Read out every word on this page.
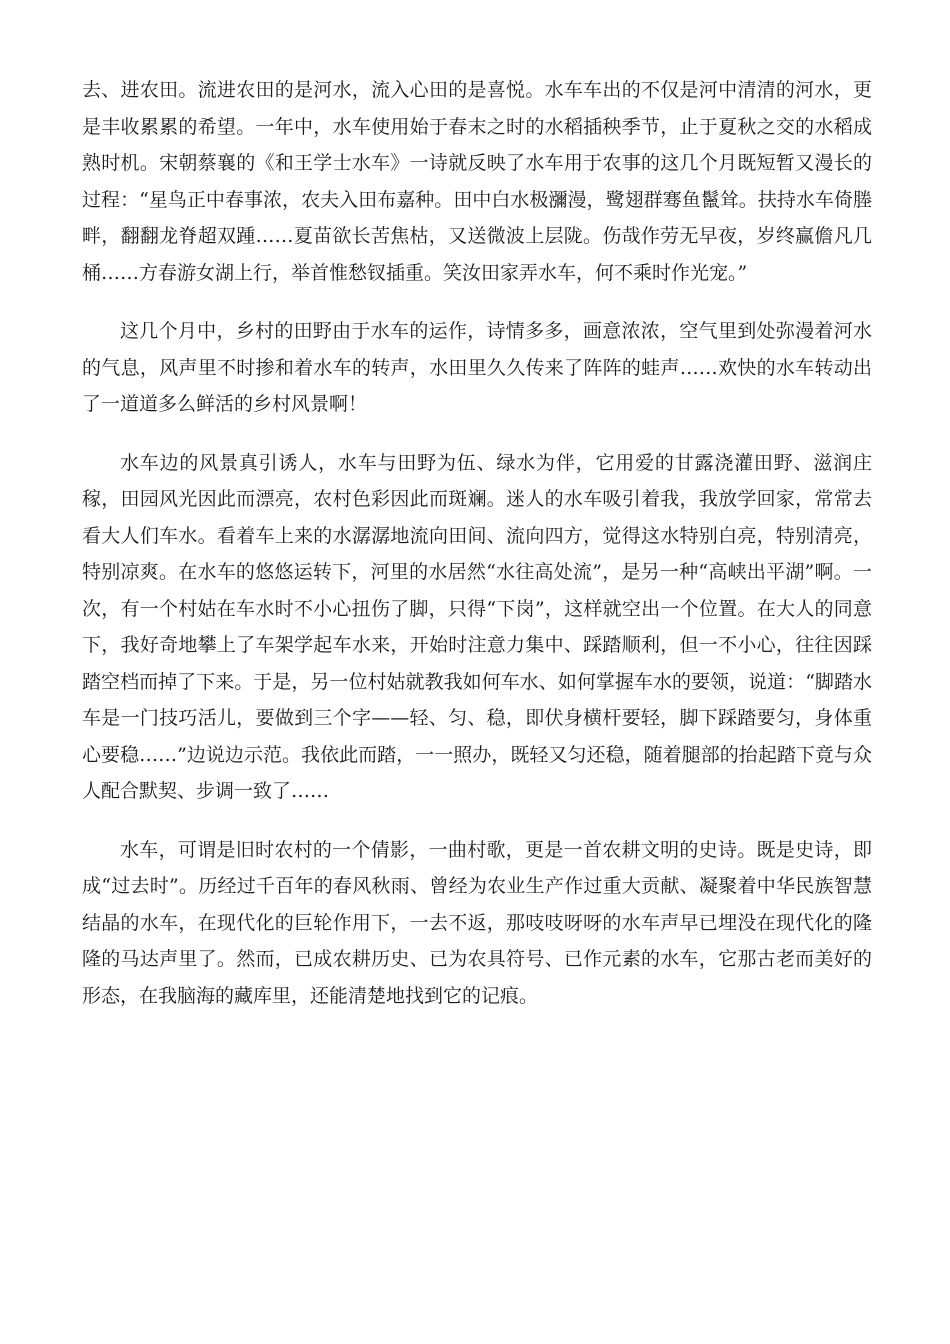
去、进农田。流进农田的是河水，流入心田的是喜悦。水车车出的不仅是河中清清的河水，更是丰收累累的希望。一年中，水车使用始于春末之时的水稻插秧季节，止于夏秋之交的水稻成熟时机。宋朝蔡襄的《和王学士水车》一诗就反映了水车用于农事的这几个月既短暂又漫长的过程：“星鸟正中春事浓，农夫入田布嘉种。田中白水极瀰漫，鹭翅群骞鱼鬣耸。扶持水车倚塍畔，翻翻龙脊超双踵……夏苗欲长苦焦枯，又送微波上层陇。伤哉作劳无早夜，岁终赢儋凡几桶……方春游女湖上行，举首惟愁钗插重。笑汝田家弄水车，何不乘时作光宠。”

这几个月中，乡村的田野由于水车的运作，诗情多多，画意浓浓，空气里到处弥漫着河水的气息，风声里不时掺和着水车的转声，水田里久久传来了阵阵的蛙声……欢快的水车转动出了一道道多么鲜活的乡村风景啊！

水车边的风景真引诱人，水车与田野为伍、绿水为伴，它用爱的甘露浇灌田野、滋润庄稼，田园风光因此而漂亮，农村色彩因此而斑斓。迷人的水车吸引着我，我放学回家，常常去看大人们车水。看着车上来的水潺潺地流向田间、流向四方，觉得这水特别白亮，特别清亮，特别凉爽。在水车的悠悠运转下，河里的水居然“水往高处流”，是另一种“高峡出平湖”啊。一次，有一个村姑在车水时不小心扭伤了脚，只得“下岗”，这样就空出一个位置。在大人的同意下，我好奇地攀上了车架学起车水来，开始时注意力集中、踩踏顺利，但一不小心，往往因踩踏空档而掉了下来。于是，另一位村姑就教我如何车水、如何掌握车水的要领，说道：“脚踏水车是一门技巧活儿，要做到三个字——轻、匀、稳，即伏身横杆要轻，脚下踩踏要匀，身体重心要稳……”边说边示范。我依此而踏，一一照办，既轻又匀还稳，随着腿部的抬起踏下竟与众人配合默契、步调一致了……

水车，可谓是旧时农村的一个倩影，一曲村歌，更是一首农耕文明的史诗。既是史诗，即成“过去时”。历经过千百年的春风秋雨、曾经为农业生产作过重大贡献、凝聚着中华民族智慧结晶的水车，在现代化的巨轮作用下，一去不返，那吱吱呀呀的水车声早已埋没在现代化的隆隆的马达声里了。然而，已成农耕历史、已为农具符号、已作元素的水车，它那古老而美好的形态，在我脑海的藏库里，还能清楚地找到它的记痕。
